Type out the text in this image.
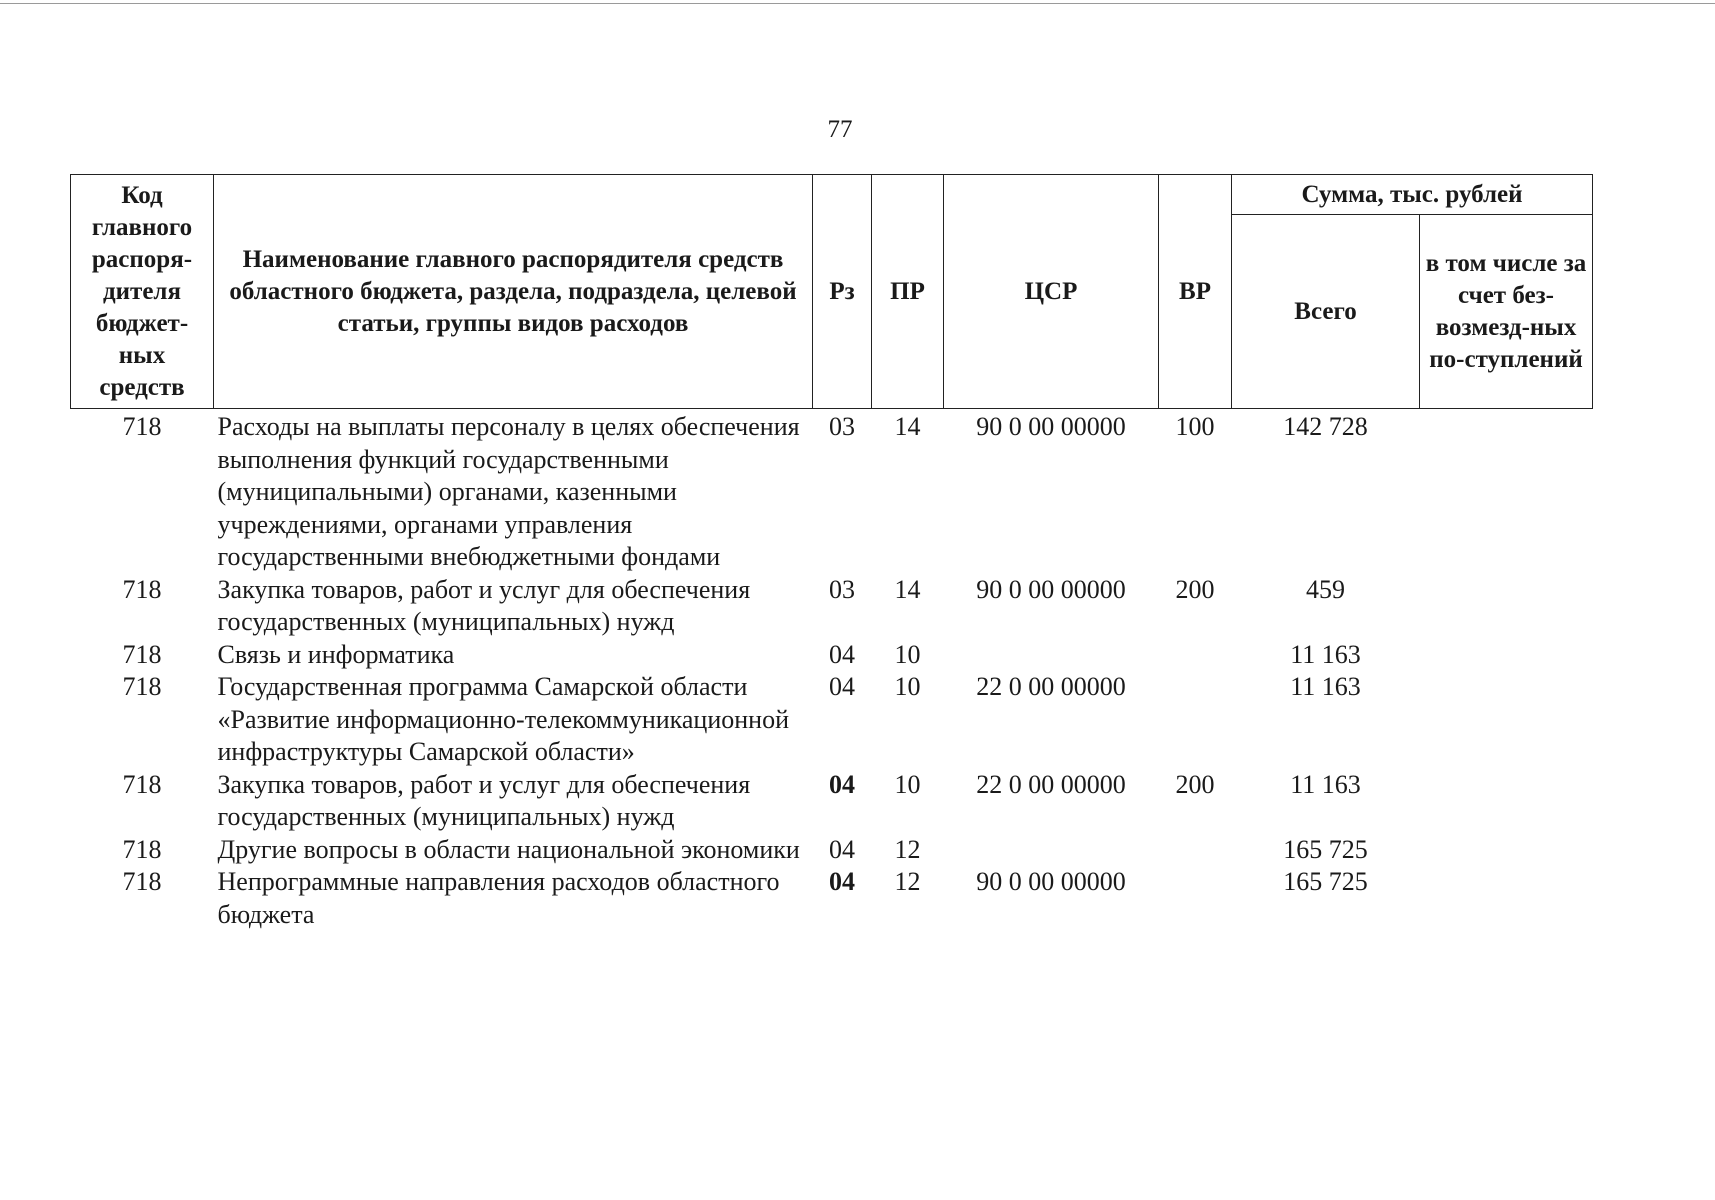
77
Код главного распоря-дителя бюджет-ных средств	Наименование главного распорядителя средств областного бюджета, раздела, подраздела, целевой статьи, группы видов расходов	Рз	ПР	ЦСР	ВР	Сумма, тыс. рублей	
						Всего	в том числе за счет без-возмезд-ных по-ступлений
718	Расходы на выплаты персоналу в целях обеспечения выполнения функций государственными (муниципальными) органами, казенными учреждениями, органами управления государственными внебюджетными фондами	03	14	90 0 00 00000	100	142 728	
718	Закупка товаров, работ и услуг для обеспечения государственных (муниципальных) нужд	03	14	90 0 00 00000	200	459	
718	Связь и информатика	04	10			11 163	
718	Государственная программа Самарской области «Развитие информационно-телекоммуникационной инфраструктуры Самарской области»	04	10	22 0 00 00000		11 163	
718	Закупка товаров, работ и услуг для обеспечения государственных (муниципальных) нужд	04	10	22 0 00 00000	200	11 163	
718	Другие вопросы в области национальной экономики	04	12			165 725	
718	Непрограммные направления расходов областного бюджета	04	12	90 0 00 00000		165 725	
